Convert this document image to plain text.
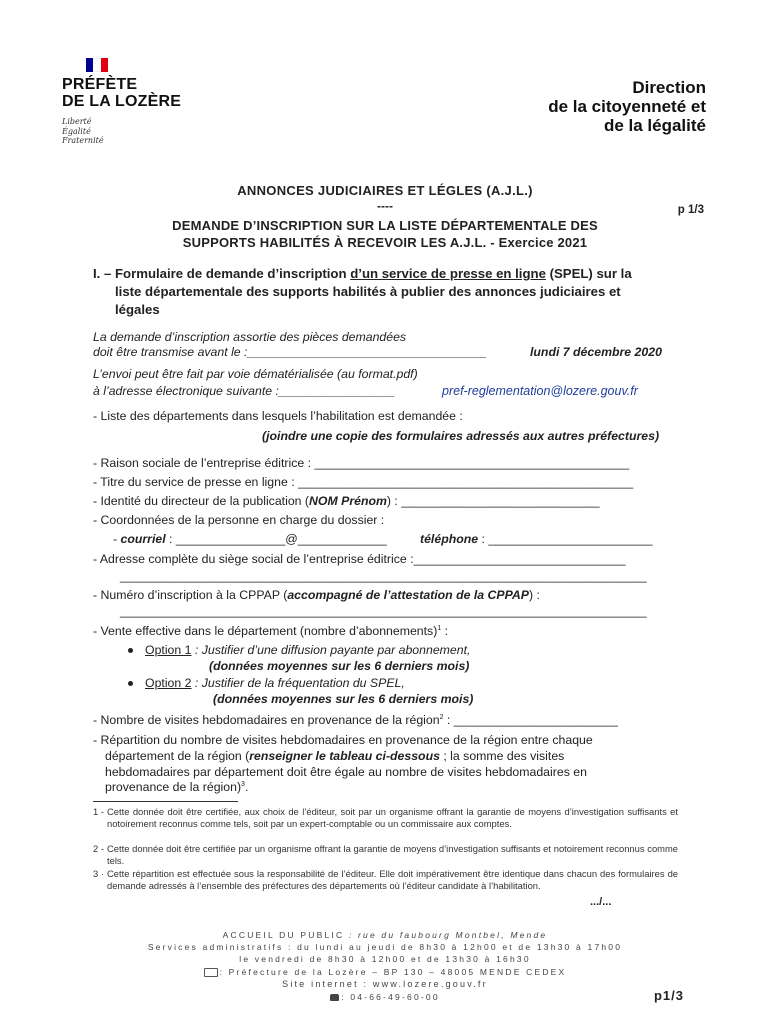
PRÉFÈTE
DE LA LOZÈRE
Liberté
Égalité
Fraternité
Direction
de la citoyenneté et
de la légalité
ANNONCES JUDICIAIRES ET LÉGLES (A.J.L.)
----	p 1/3
DEMANDE D’INSCRIPTION SUR LA LISTE DÉPARTEMENTALE DES
SUPPORTS HABILITÉS À RECEVOIR LES A.J.L. - Exercice 2021
I. – Formulaire de demande d’inscription d’un service de presse en ligne (SPEL) sur la
liste départementale des supports habilités à publier des annonces judiciaires et
légales
La demande d’inscription assortie des pièces demandées
doit être transmise avant le :___________________________________	lundi 7 décembre 2020
L’envoi peut être fait par voie dématérialisée (au format.pdf)
à l’adresse électronique suivante :_________________	pref-reglementation@lozere.gouv.fr
- Liste des départements dans lesquels l’habilitation est demandée :
(joindre une copie des formulaires adressés aux autres préfectures)
- Raison sociale de l’entreprise éditrice : ______________________________________________
- Titre du service de presse en ligne : _________________________________________________
- Identité du directeur de la publication (NOM Prénom) : _____________________________
- Coordonnées de la personne en charge du dossier :
- courriel : ________________@_____________	téléphone : ________________________
- Adresse complète du siège social de l’entreprise éditrice :_______________________________
_____________________________________________________________________________
- Numéro d’inscription à la CPPAP (accompagné de l’attestation de la CPPAP) :
_____________________________________________________________________________
- Vente effective dans le département (nombre d’abonnements)$^1$ :
Option 1 : Justifier d’une diffusion payante par abonnement,
(données moyennes sur les 6 derniers mois)
Option 2 : Justifier de la fréquentation du SPEL,
(données moyennes sur les 6 derniers mois)
- Nombre de visites hebdomadaires en provenance de la région$^2$ : ________________________
- Répartition du nombre de visites hebdomadaires en provenance de la région entre chaque
département de la région (renseigner le tableau ci-dessous ; la somme des visites
hebdomadaires par département doit être égale au nombre de visites hebdomadaires en
provenance de la région)$^3$.
1 - Cette donnée doit être certifiée, aux choix de l’éditeur, soit par un organisme offrant la garantie de moyens d’investigation suffisants et notoirement reconnus comme tels, soit par un expert-comptable ou un commissaire aux comptes.
2 - Cette donnée doit être certifiée par un organisme offrant la garantie de moyens d’investigation suffisants et notoirement reconnus comme tels.
3 · Cette répartition est effectuée sous la responsabilité de l’éditeur. Elle doit impérativement être identique dans chacun des formulaires de demande adressés à l’ensemble des préfectures des départements où l’éditeur candidate à l’habilitation.
.../...
ACCUEIL DU PUBLIC : rue du faubourg Montbel, Mende
Services administratifs : du lundi au jeudi de 8h30 à 12h00 et de 13h30 à 17h00
le vendredi de 8h30 à 12h00 et de 13h30 à 16h30
: Préfecture de la Lozère – BP 130 – 48005 MENDE CEDEX
Site internet : www.lozere.gouv.fr
: 04-66-49-60-00	p1/3
